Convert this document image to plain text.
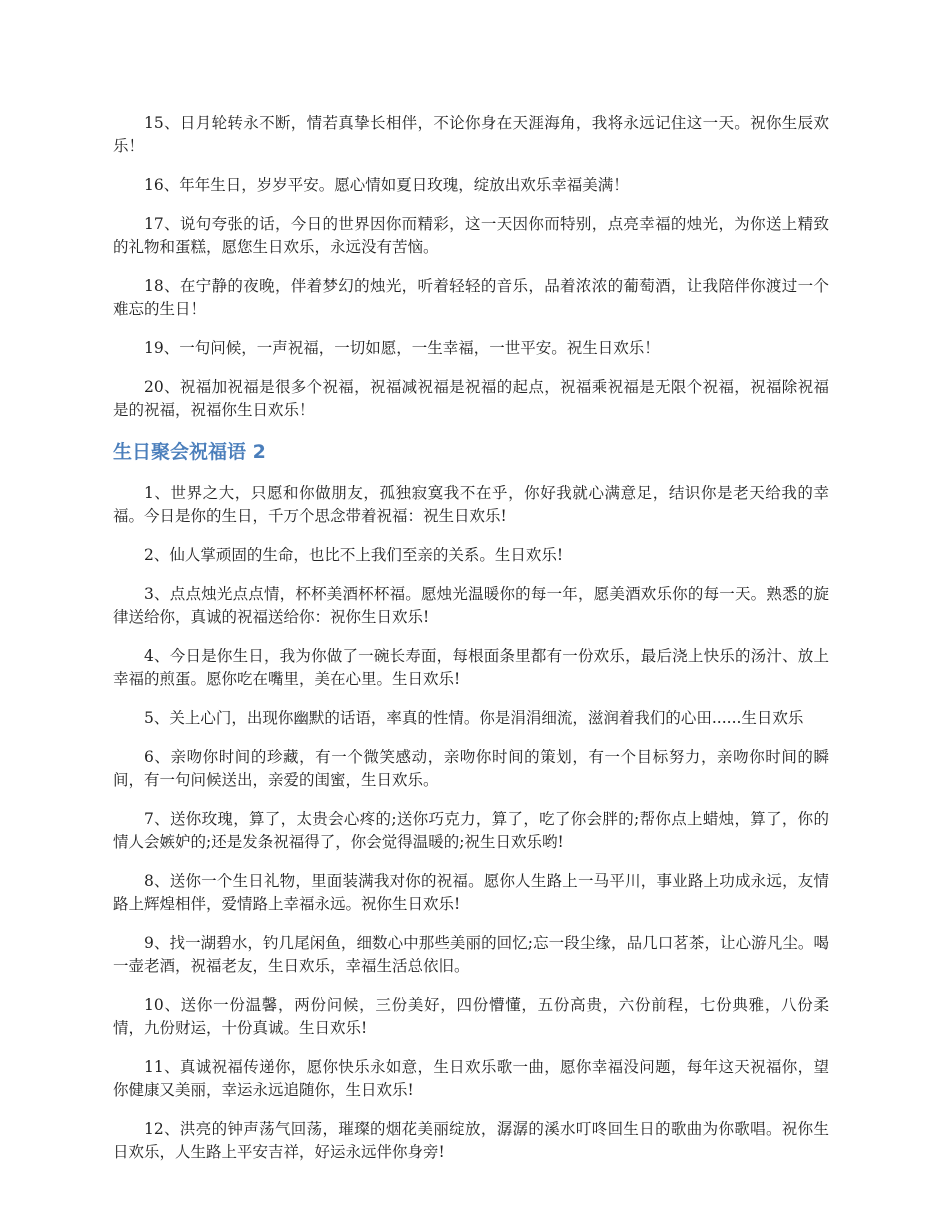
15、日月轮转永不断，情若真挚长相伴，不论你身在天涯海角，我将永远记住这一天。祝你生辰欢乐！

16、年年生日，岁岁平安。愿心情如夏日玫瑰，绽放出欢乐幸福美满！

17、说句夸张的话，今日的世界因你而精彩，这一天因你而特别，点亮幸福的烛光，为你送上精致的礼物和蛋糕，愿您生日欢乐，永远没有苦恼。

18、在宁静的夜晚，伴着梦幻的烛光，听着轻轻的音乐，品着浓浓的葡萄酒，让我陪伴你渡过一个难忘的生日！

19、一句问候，一声祝福，一切如愿，一生幸福，一世平安。祝生日欢乐！

20、祝福加祝福是很多个祝福，祝福减祝福是祝福的起点，祝福乘祝福是无限个祝福，祝福除祝福是的祝福，祝福你生日欢乐！

生日聚会祝福语 2

1、世界之大，只愿和你做朋友，孤独寂寞我不在乎，你好我就心满意足，结识你是老天给我的幸福。今日是你的生日，千万个思念带着祝福：祝生日欢乐!

2、仙人掌顽固的生命，也比不上我们至亲的关系。生日欢乐!

3、点点烛光点点情，杯杯美酒杯杯福。愿烛光温暖你的每一年，愿美酒欢乐你的每一天。熟悉的旋律送给你，真诚的祝福送给你：祝你生日欢乐!

4、今日是你生日，我为你做了一碗长寿面，每根面条里都有一份欢乐，最后浇上快乐的汤汁、放上幸福的煎蛋。愿你吃在嘴里，美在心里。生日欢乐!

5、关上心门，出现你幽默的话语，率真的性情。你是涓涓细流，滋润着我们的心田......生日欢乐

6、亲吻你时间的珍藏，有一个微笑感动，亲吻你时间的策划，有一个目标努力，亲吻你时间的瞬间，有一句问候送出，亲爱的闺蜜，生日欢乐。

7、送你玫瑰，算了，太贵会心疼的;送你巧克力，算了，吃了你会胖的;帮你点上蜡烛，算了，你的情人会嫉妒的;还是发条祝福得了，你会觉得温暖的;祝生日欢乐哟!

8、送你一个生日礼物，里面装满我对你的祝福。愿你人生路上一马平川，事业路上功成永远，友情路上辉煌相伴，爱情路上幸福永远。祝你生日欢乐!

9、找一湖碧水，钓几尾闲鱼，细数心中那些美丽的回忆;忘一段尘缘，品几口茗茶，让心游凡尘。喝一壶老酒，祝福老友，生日欢乐，幸福生活总依旧。

10、送你一份温馨，两份问候，三份美好，四份懵懂，五份高贵，六份前程，七份典雅，八份柔情，九份财运，十份真诚。生日欢乐!

11、真诚祝福传递你，愿你快乐永如意，生日欢乐歌一曲，愿你幸福没问题，每年这天祝福你，望你健康又美丽，幸运永远追随你，生日欢乐!

12、洪亮的钟声荡气回荡，璀璨的烟花美丽绽放，潺潺的溪水叮咚回生日的歌曲为你歌唱。祝你生日欢乐，人生路上平安吉祥，好运永远伴你身旁!
